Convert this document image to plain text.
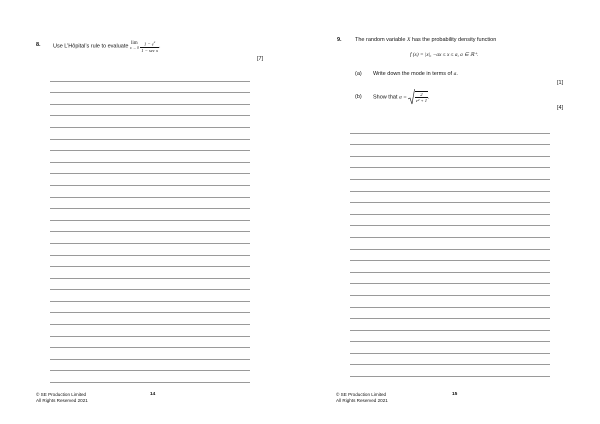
8. Use L’Hôpital’s rule to evaluate lim
x → 0
$\frac{1 - e^x}{\text{1 − sec x}}$ .
[7]
© SE Production Limited
All Rights Reserved 2021
14
9. The random variable X has the probability density function
f (x) = |x|, −ax ≤ x ≤ a, a ∈ ℝ⁺.
(a) Write down the mode in terms of a.
[1]
(b) Show that $a = \frac{2}{\text{e² + 1}}$ .
[4]
© SE Production Limited
All Rights Reserved 2021
15
